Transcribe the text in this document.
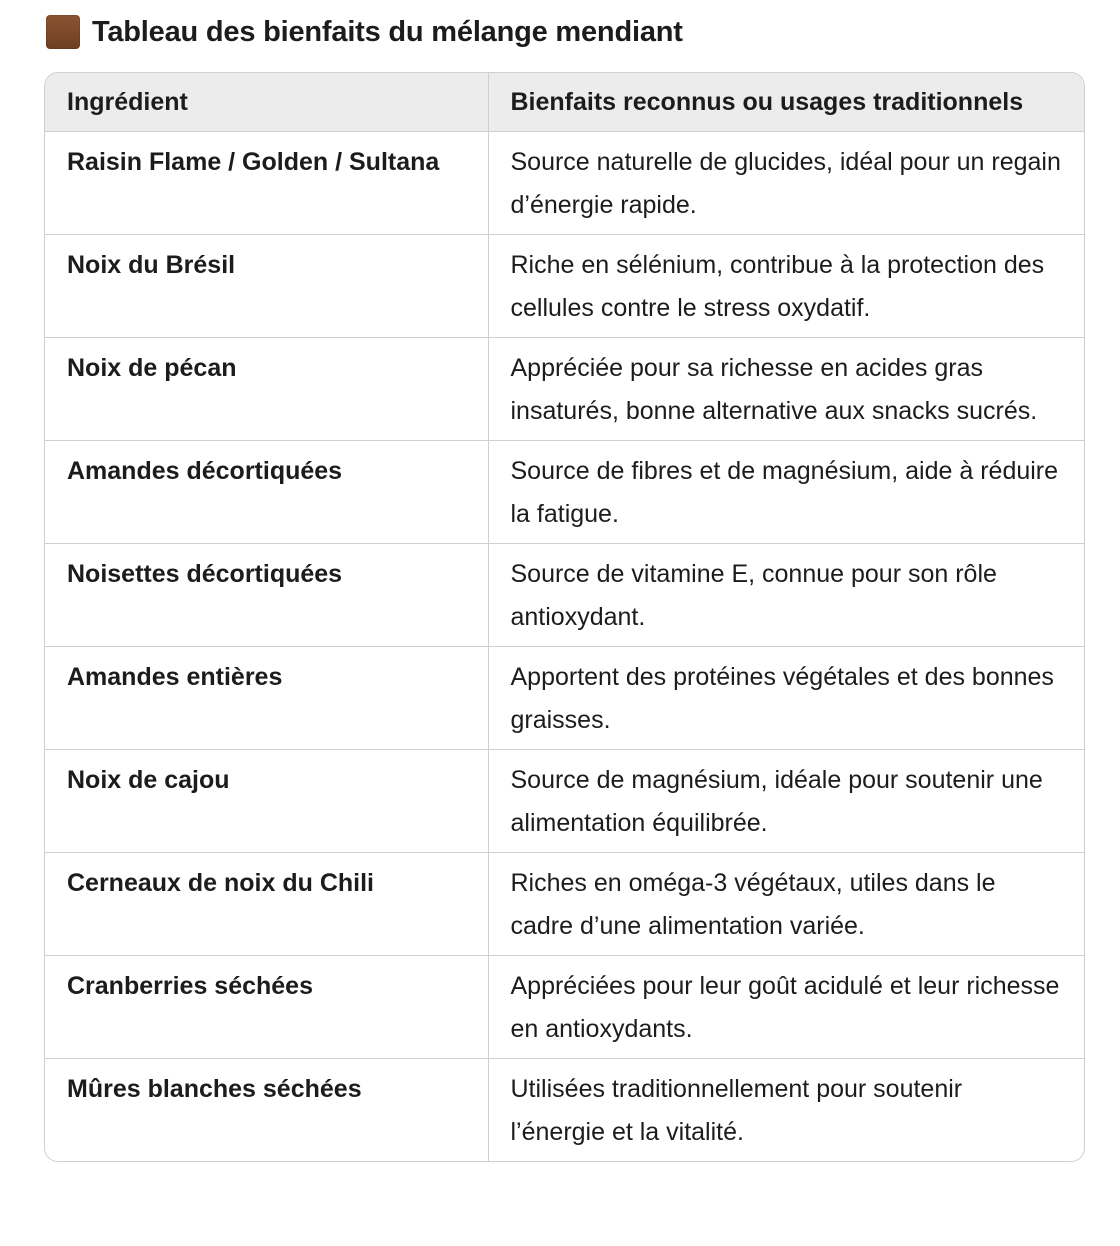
Tableau des bienfaits du mélange mendiant
Ingrédient	Bienfaits reconnus ou usages traditionnels
Raisin Flame / Golden / Sultana	Source naturelle de glucides, idéal pour un regain d’énergie rapide.
Noix du Brésil	Riche en sélénium, contribue à la protection des cellules contre le stress oxydatif.
Noix de pécan	Appréciée pour sa richesse en acides gras insaturés, bonne alternative aux snacks sucrés.
Amandes décortiquées	Source de fibres et de magnésium, aide à réduire la fatigue.
Noisettes décortiquées	Source de vitamine E, connue pour son rôle antioxydant.
Amandes entières	Apportent des protéines végétales et des bonnes graisses.
Noix de cajou	Source de magnésium, idéale pour soutenir une alimentation équilibrée.
Cerneaux de noix du Chili	Riches en oméga-3 végétaux, utiles dans le cadre d’une alimentation variée.
Cranberries séchées	Appréciées pour leur goût acidulé et leur richesse en antioxydants.
Mûres blanches séchées	Utilisées traditionnellement pour soutenir l’énergie et la vitalité.
